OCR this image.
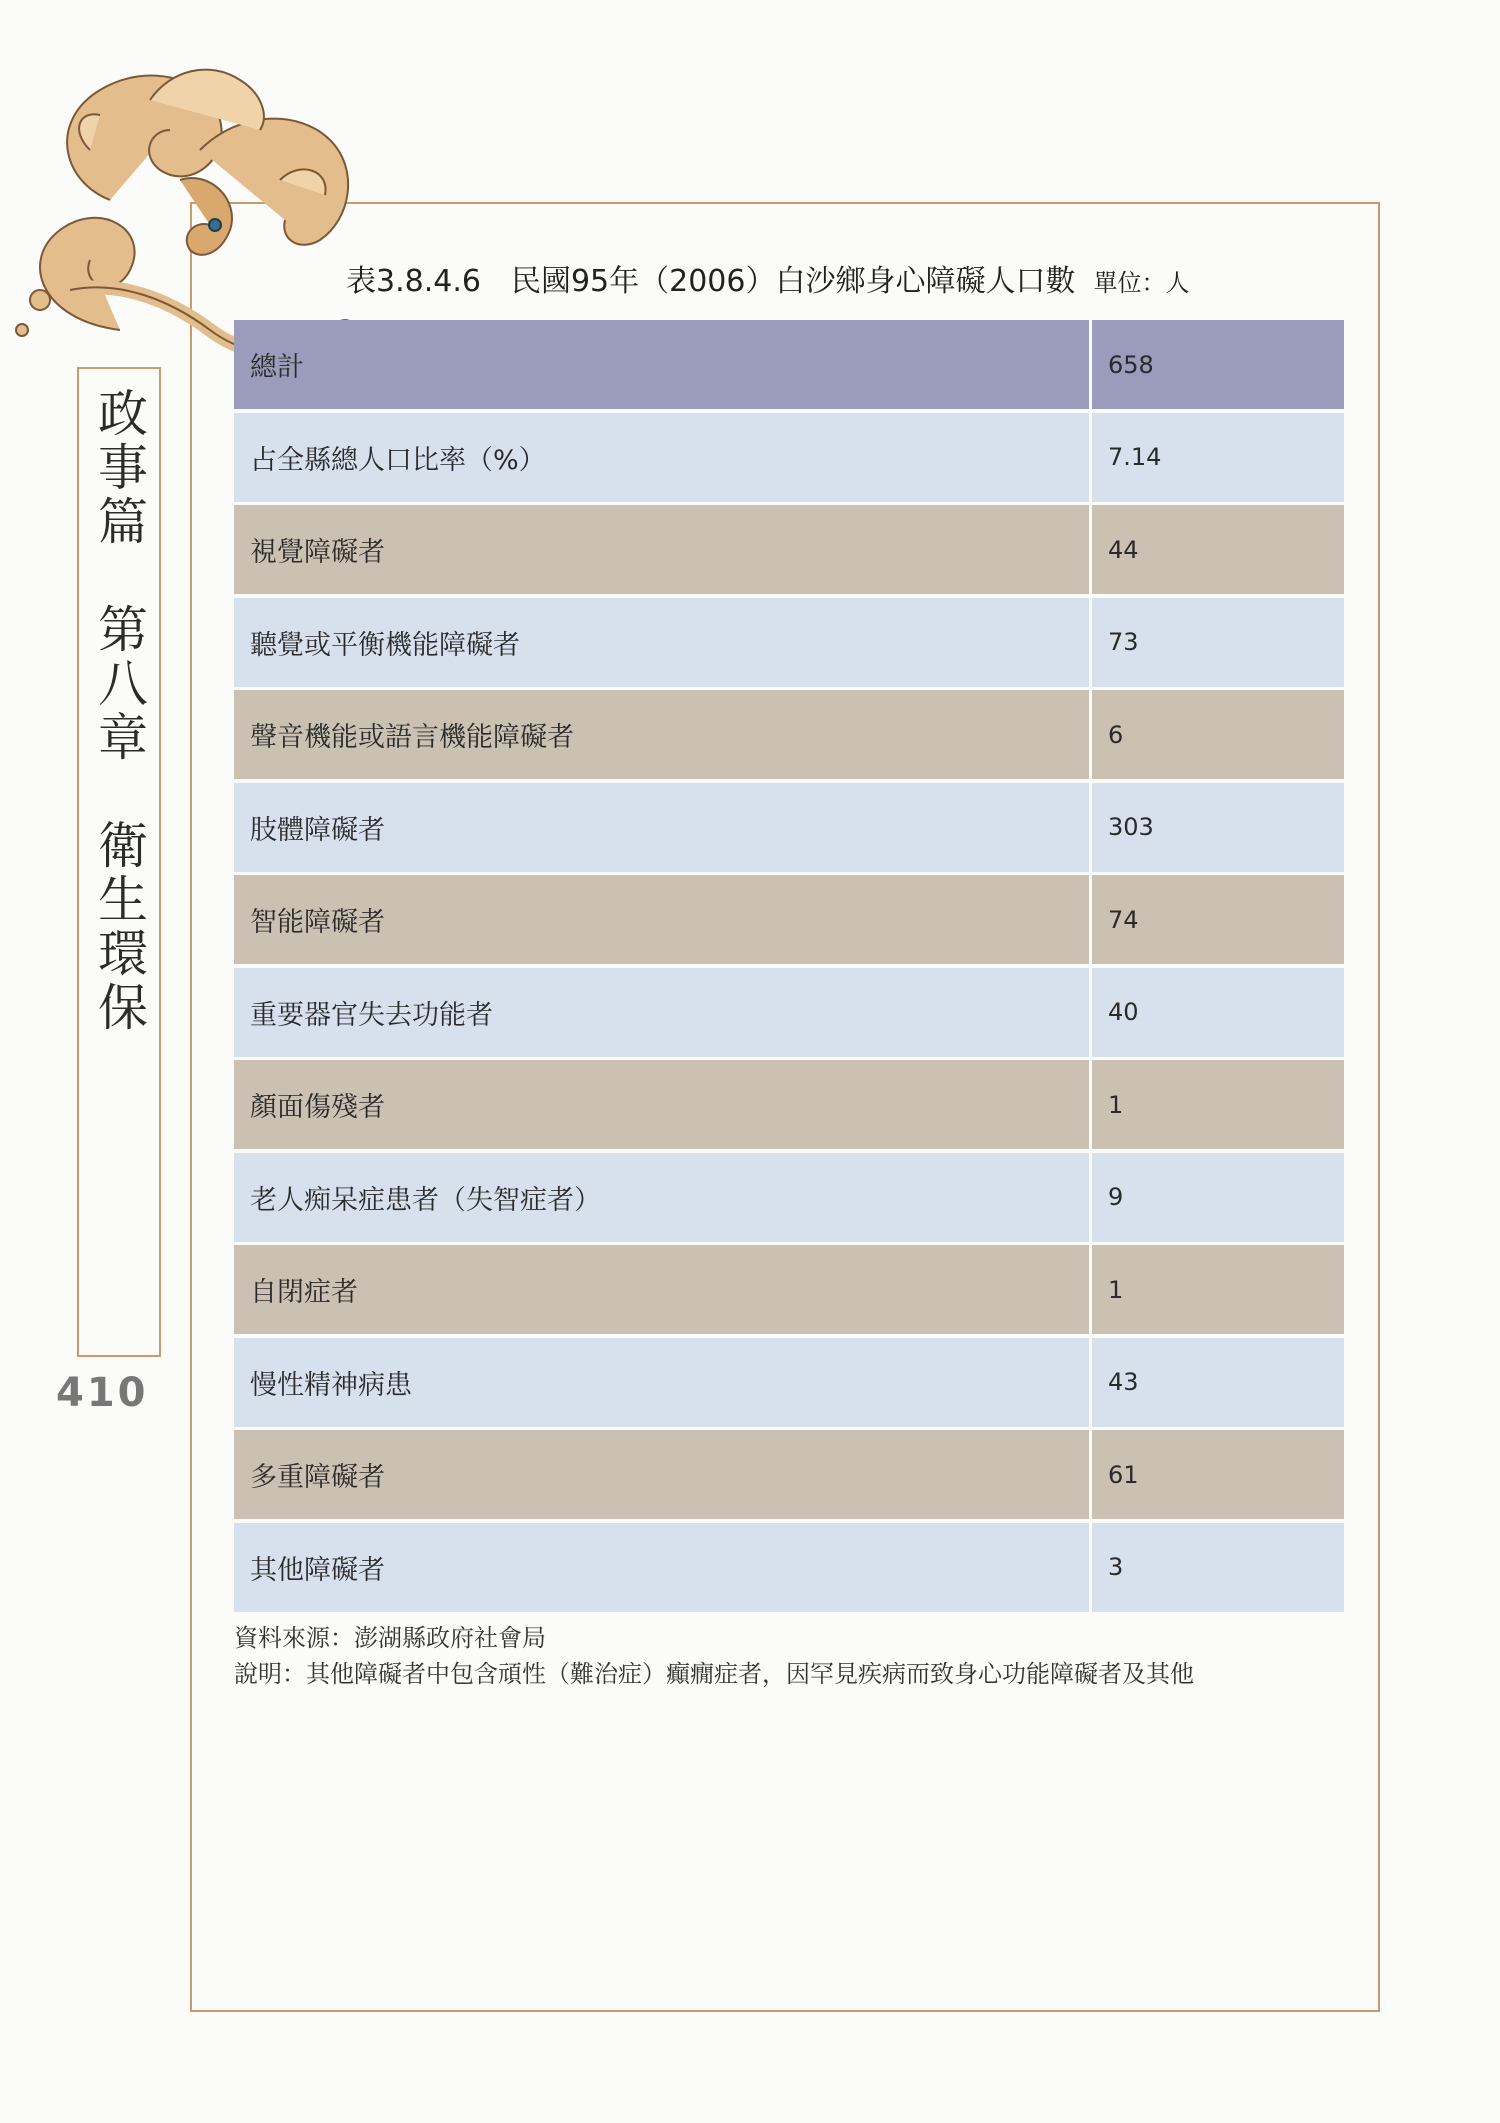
政事篇　第八章　衛生環保
410
表3.8.4.6　民國95年（2006）白沙鄉身心障礙人口數 單位：人
總計	658
占全縣總人口比率（%）	7.14
視覺障礙者	44
聽覺或平衡機能障礙者	73
聲音機能或語言機能障礙者	6
肢體障礙者	303
智能障礙者	74
重要器官失去功能者	40
顏面傷殘者	1
老人痴呆症患者（失智症者）	9
自閉症者	1
慢性精神病患	43
多重障礙者	61
其他障礙者	3
資料來源： 澎湖縣政府社會局
說明： 其他障礙者中包含頑性（難治症）癲癇症者，因罕見疾病而致身心功能障礙者及其他
